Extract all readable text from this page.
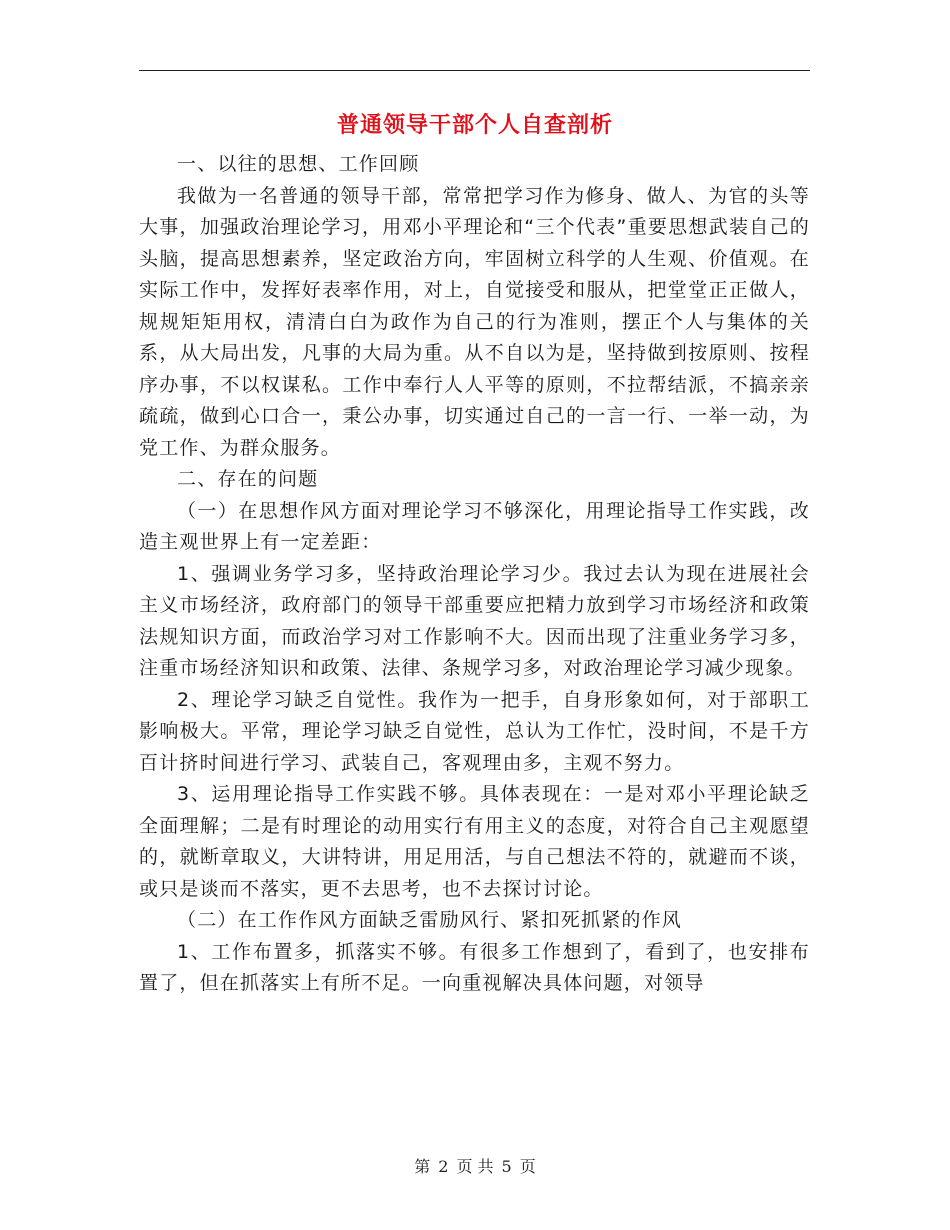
普通领导干部个人自查剖析

一、以往的思想、工作回顾

我做为一名普通的领导干部，常常把学习作为修身、做人、为官的头等大事，加强政治理论学习，用邓小平理论和“三个代表”重要思想武装自己的头脑，提高思想素养，坚定政治方向，牢固树立科学的人生观、价值观。在实际工作中，发挥好表率作用，对上，自觉接受和服从，把堂堂正正做人，规规矩矩用权，清清白白为政作为自己的行为准则，摆正个人与集体的关系，从大局出发，凡事的大局为重。从不自以为是，坚持做到按原则、按程序办事，不以权谋私。工作中奉行人人平等的原则，不拉帮结派，不搞亲亲疏疏，做到心口合一，秉公办事，切实通过自己的一言一行、一举一动，为党工作、为群众服务。

二、存在的问题

（一）在思想作风方面对理论学习不够深化，用理论指导工作实践，改造主观世界上有一定差距：

1、强调业务学习多，坚持政治理论学习少。我过去认为现在进展社会主义市场经济，政府部门的领导干部重要应把精力放到学习市场经济和政策法规知识方面，而政治学习对工作影响不大。因而出现了注重业务学习多，注重市场经济知识和政策、法律、条规学习多，对政治理论学习减少现象。

2、理论学习缺乏自觉性。我作为一把手，自身形象如何，对于部职工影响极大。平常，理论学习缺乏自觉性，总认为工作忙，没时间，不是千方百计挤时间进行学习、武装自己，客观理由多，主观不努力。

3、运用理论指导工作实践不够。具体表现在：一是对邓小平理论缺乏全面理解；二是有时理论的动用实行有用主义的态度，对符合自己主观愿望的，就断章取义，大讲特讲，用足用活，与自己想法不符的，就避而不谈，或只是谈而不落实，更不去思考，也不去探讨讨论。

（二）在工作作风方面缺乏雷励风行、紧扣死抓紧的作风

1、工作布置多，抓落实不够。有很多工作想到了，看到了，也安排布置了，但在抓落实上有所不足。一向重视解决具体问题，对领导

第 2 页 共 5 页
